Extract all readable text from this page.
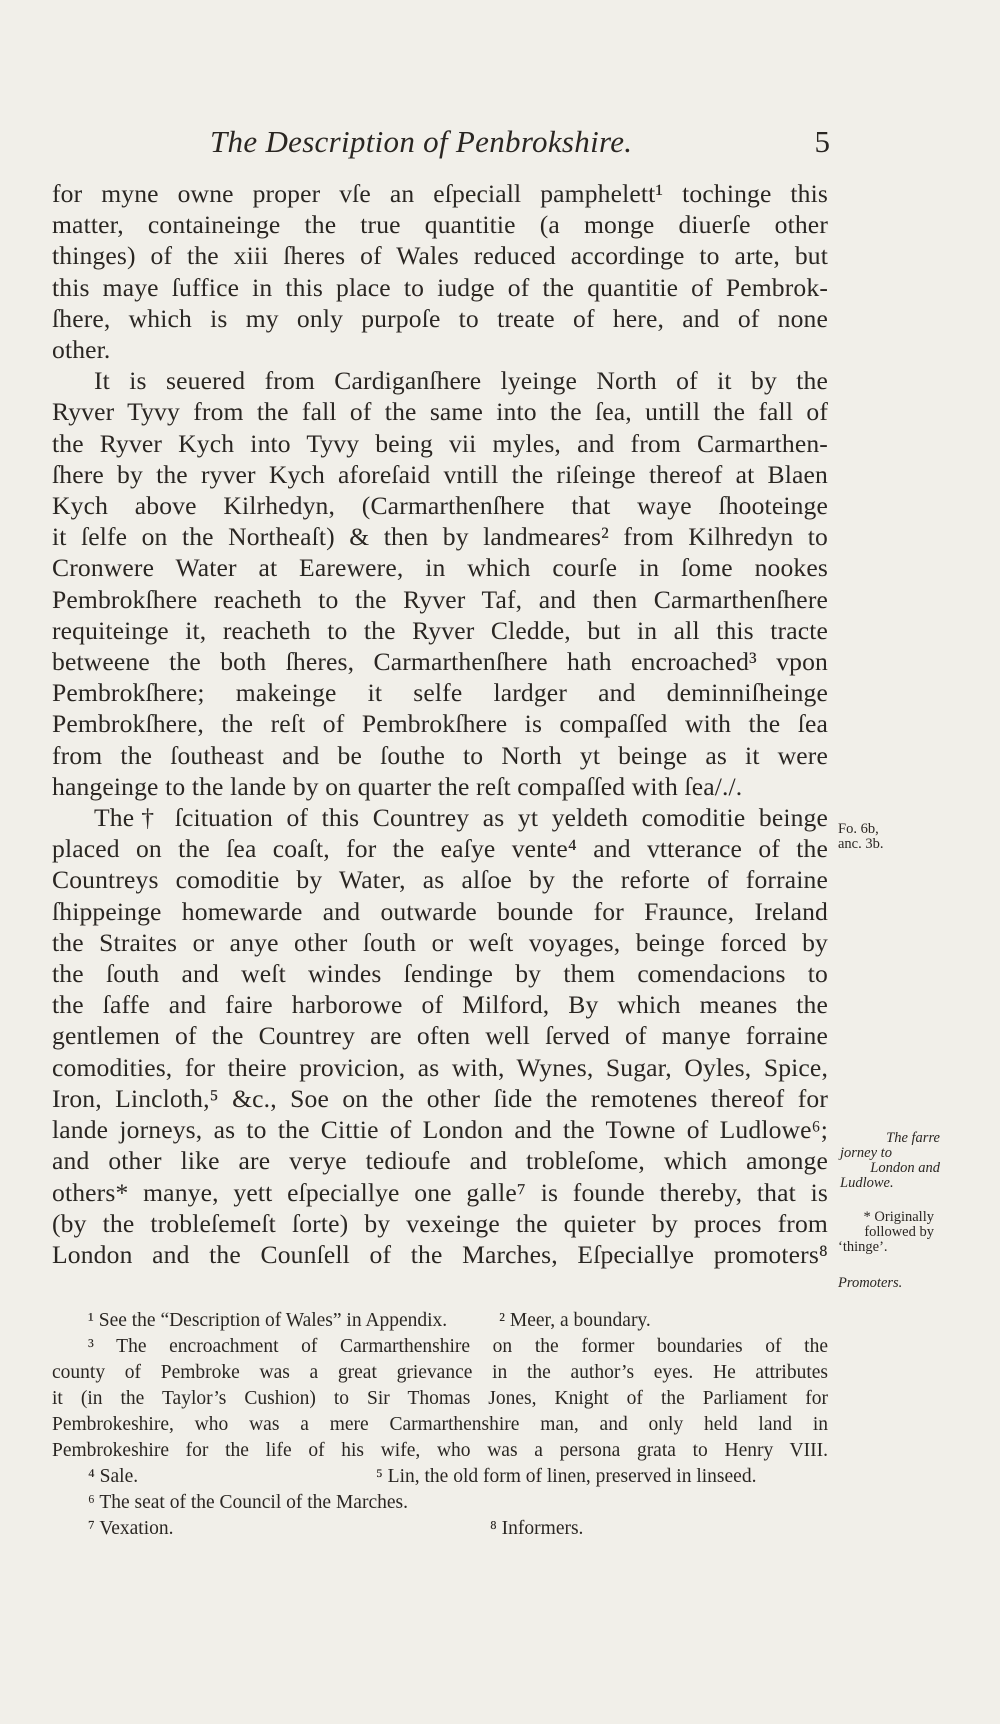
The Description of Penbrokshire.	5
for myne owne proper vſe an eſpeciall pamphelett¹ tochinge this
matter, containeinge the true quantitie (a monge diuerſe other
thinges) of the xiii ſheres of Wales reduced accordinge to arte, but
this maye ſuffice in this place to iudge of the quantitie of Pembrok-
ſhere, which is my only purpoſe to treate of here, and of none
other.
It is seuered from Cardiganſhere lyeinge North of it by the
Ryver Tyvy from the fall of the same into the ſea, untill the fall of
the Ryver Kych into Tyvy being vii myles, and from Carmarthen-
ſhere by the ryver Kych aforeſaid vntill the riſeinge thereof at Blaen
Kych above Kilrhedyn, (Carmarthenſhere that waye ſhooteinge
it ſelfe on the Northeaſt) & then by landmeares² from Kilhredyn to
Cronwere Water at Earewere, in which courſe in ſome nookes
Pembrokſhere reacheth to the Ryver Taf, and then Carmarthenſhere
requiteinge it, reacheth to the Ryver Cledde, but in all this tracte
betweene the both ſheres, Carmarthenſhere hath encroached³ vpon
Pembrokſhere; makeinge it selfe lardger and deminniſheinge
Pembrokſhere, the reſt of Pembrokſhere is compaſſed with the ſea
from the ſoutheast and be ſouthe to North yt beinge as it were
hangeinge to the lande by on quarter the reſt compaſſed with ſea/./.
The† ſcituation of this Countrey as yt yeldeth comoditie beinge
placed on the ſea coaſt, for the eaſye vente⁴ and vtterance of the
Countreys comoditie by Water, as alſoe by the reforte of forraine
ſhippeinge homewarde and outwarde bounde for Fraunce, Ireland
the Straites or anye other ſouth or weſt voyages, beinge forced by
the ſouth and weſt windes ſendinge by them comendacions to
the ſaffe and faire harborowe of Milford, By which meanes the
gentlemen of the Countrey are often well ſerved of manye forraine
comodities, for theire provicion, as with, Wynes, Sugar, Oyles, Spice,
Iron, Lincloth,⁵ &c., Soe on the other ſide the remotenes thereof for
lande jorneys, as to the Cittie of London and the Towne of Ludlowe⁶;
and other like are verye tedioufe and trobleſome, which amonge
others* manye, yett eſpeciallye one galle⁷ is founde thereby, that is
(by the trobleſemeſt ſorte) by vexeinge the quieter by proces from
London and the Counſell of the Marches, Eſpeciallye promoters⁸
Fo. 6b,
anc. 3b.
The farre
jorney to
London and
Ludlowe.
* Originally
followed by
‘thinge’.
Promoters.
¹ See the “Description of Wales” in Appendix.	² Meer, a boundary.
³ The encroachment of Carmarthenshire on the former boundaries of the
county of Pembroke was a great grievance in the author’s eyes. He attributes
it (in the Taylor’s Cushion) to Sir Thomas Jones, Knight of the Parliament for
Pembrokeshire, who was a mere Carmarthenshire man, and only held land in
Pembrokeshire for the life of his wife, who was a persona grata to Henry VIII.
⁴ Sale.	⁵ Lin, the old form of linen, preserved in linseed.
⁶ The seat of the Council of the Marches.
⁷ Vexation.	⁸ Informers.
